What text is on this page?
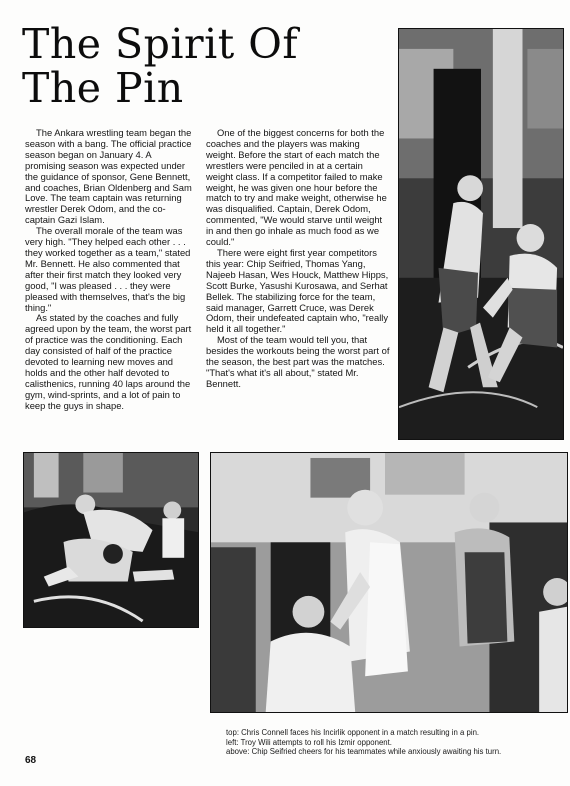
The Spirit Of
The Pin

The Ankara wrestling team began the season with a bang. The official practice season began on January 4. A promising season was expected under the guidance of sponsor, Gene Bennett, and coaches, Brian Oldenberg and Sam Love. The team captain was returning wrestler Derek Odom, and the co-captain Gazi Islam.

The overall morale of the team was very high. "They helped each other . . . they worked together as a team," stated Mr. Bennett. He also commented that after their first match they looked very good, "I was pleased . . . they were pleased with themselves, that's the big thing."

As stated by the coaches and fully agreed upon by the team, the worst part of practice was the conditioning. Each day consisted of half of the practice devoted to learning new moves and holds and the other half devoted to calisthenics, running 40 laps around the gym, wind-sprints, and a lot of pain to keep the guys in shape.

One of the biggest concerns for both the coaches and the players was making weight. Before the start of each match the wrestlers were penciled in at a certain weight class. If a competitor failed to make weight, he was given one hour before the match to try and make weight, otherwise he was disqualified. Captain, Derek Odom, commented, "We would starve until weight in and then go inhale as much food as we could."

There were eight first year competitors this year: Chip Seifried, Thomas Yang, Najeeb Hasan, Wes Houck, Matthew Hipps, Scott Burke, Yasushi Kurosawa, and Serhat Bellek. The stabilizing force for the team, said manager, Garrett Cruce, was Derek Odom, their undefeated captain who, "really held it all together."

Most of the team would tell you, that besides the workouts being the worst part of the season, the best part was the matches. "That's what it's all about," stated Mr. Bennett.

top: Chris Connell faces his Incirlik opponent in a match resulting in a pin.
left: Troy Wili attempts to roll his Izmir opponent.
above: Chip Seifried cheers for his teammates while anxiously awaiting his turn.
68
